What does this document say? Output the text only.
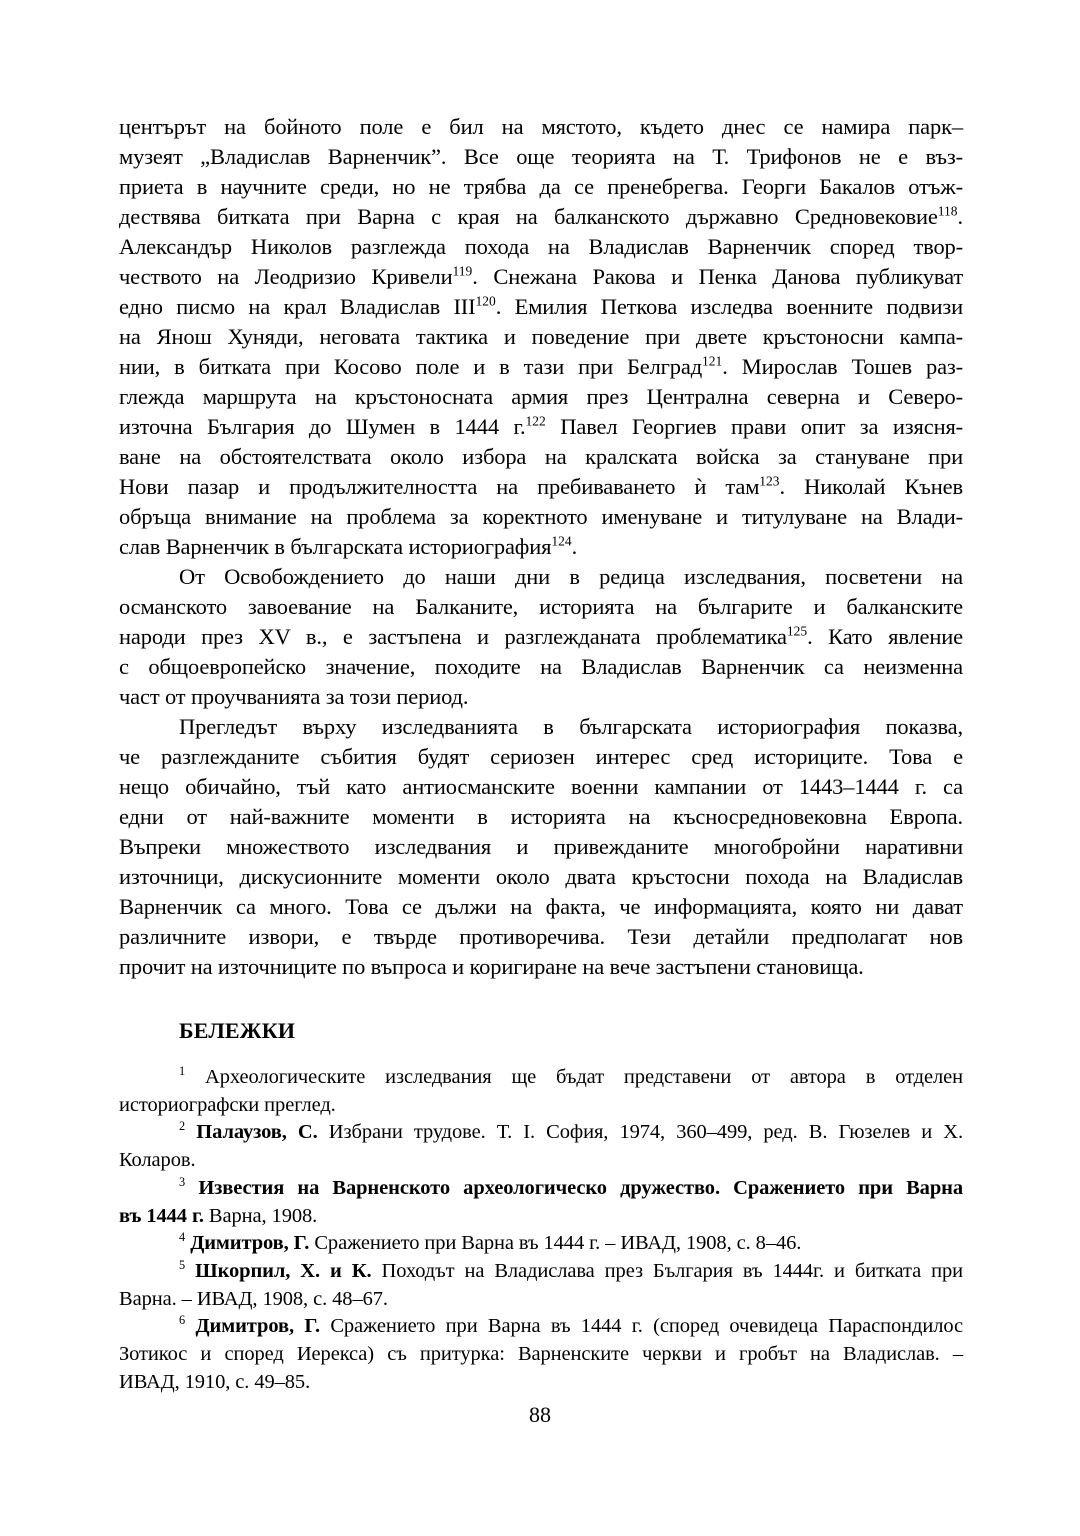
центърът на бойното поле е бил на мястото, където днес се намира парк–
музеят „Владислав Варненчик”. Все още теорията на Т. Трифонов не е въз-
приета в научните среди, но не трябва да се пренебрегва. Георги Бакалов отъж-
дествява битката при Варна с края на балканското държавно Средновековие$^{118}$.
Александър Николов разглежда похода на Владислав Варненчик според твор-
чеството на Леодризио Кривели$^{119}$. Снежана Ракова и Пенка Данова публикуват
едно писмо на крал Владислав III$^{120}$. Емилия Петкова изследва военните подвизи
на Янош Хуняди, неговата тактика и поведение при двете кръстоносни кампа-
нии, в битката при Косово поле и в тази при Белград$^{121}$. Мирослав Тошев раз-
глежда маршрута на кръстоносната армия през Централна северна и Северо-
източна България до Шумен в 1444 г.$^{122}$ Павел Георгиев прави опит за изясня-
ване на обстоятелствата около избора на кралската войска за стануване при
Нови пазар и продължителността на пребиваването ѝ там$^{123}$. Николай Кънев
обръща внимание на проблема за коректното именуване и титулуване на Влади-
слав Варненчик в българската историография$^{124}$.
От Освобождението до наши дни в редица изследвания, посветени на
османското завоевание на Балканите, историята на българите и балканските
народи през XV в., е застъпена и разглежданата проблематика$^{125}$. Като явление
с общоевропейско значение, походите на Владислав Варненчик са неизменна
част от проучванията за този период.
Прегледът върху изследванията в българската историография показва,
че разглежданите събития будят сериозен интерес сред историците. Това е
нещо обичайно, тъй като антиосманските военни кампании от 1443–1444 г. са
едни от най-важните моменти в историята на късносредновековна Европа.
Въпреки множеството изследвания и привежданите многобройни наративни
източници, дискусионните моменти около двата кръстосни похода на Владислав
Варненчик са много. Това се дължи на факта, че информацията, която ни дават
различните извори, е твърде противоречива. Тези детайли предполагат нов
прочит на източниците по въпроса и коригиране на вече застъпени становища.
БЕЛЕЖКИ
$^1$ Археологическите изследвания ще бъдат представени от автора в отделен
историографски преглед.
$^2$ Палаузов, С. Избрани трудове. Т. I. София, 1974, 360–499, ред. В. Гюзелев и Х.
Коларов.
$^3$ Известия на Варненското археологическо дружество. Сражението при Варна
въ 1444 г. Варна, 1908.
$^4$ Димитров, Г. Сражението при Варна въ 1444 г. – ИВАД, 1908, с. 8–46.
$^5$ Шкорпил, Х. и К. Походът на Владислава през България въ 1444г. и битката при
Варна. – ИВАД, 1908, с. 48–67.
$^6$ Димитров, Г. Сражението при Варна въ 1444 г. (според очевидеца Параспондилос
Зотикос и според Иерекса) съ притурка: Варненските черкви и гробът на Владислав. –
ИВАД, 1910, с. 49–85.
88
